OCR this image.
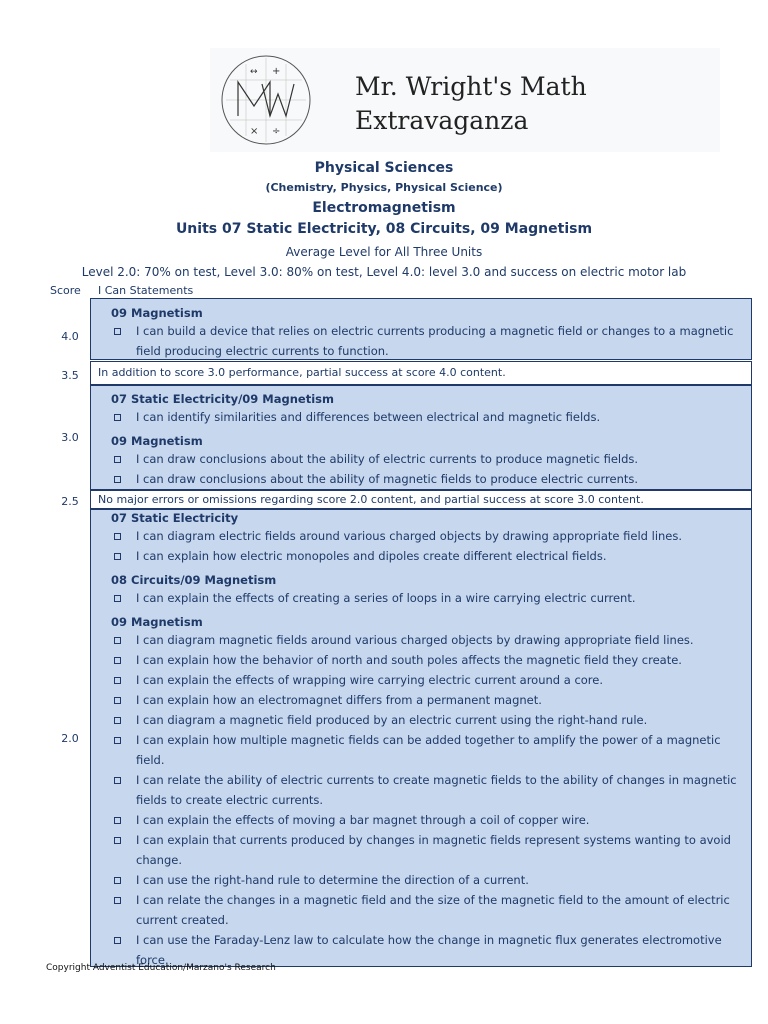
↔ +
× ÷
Mr. Wright's Math
Extravaganza
Physical Sciences
(Chemistry, Physics, Physical Science)
Electromagnetism
Units 07 Static Electricity, 08 Circuits, 09 Magnetism
Average Level for All Three Units
Level 2.0: 70% on test, Level 3.0: 80% on test, Level 4.0: level 3.0 and success on electric motor lab
Score I Can Statements
4.0
09 Magnetism
I can build a device that relies on electric currents producing a magnetic field or changes to a magnetic field producing electric currents to function.
3.5	In addition to score 3.0 performance, partial success at score 4.0 content.
3.0
07 Static Electricity/09 Magnetism
I can identify similarities and differences between electrical and magnetic fields.
09 Magnetism
I can draw conclusions about the ability of electric currents to produce magnetic fields.
I can draw conclusions about the ability of magnetic fields to produce electric currents.
2.5	No major errors or omissions regarding score 2.0 content, and partial success at score 3.0 content.
2.0
07 Static Electricity
I can diagram electric fields around various charged objects by drawing appropriate field lines.
I can explain how electric monopoles and dipoles create different electrical fields.
08 Circuits/09 Magnetism
I can explain the effects of creating a series of loops in a wire carrying electric current.
09 Magnetism
I can diagram magnetic fields around various charged objects by drawing appropriate field lines.
I can explain how the behavior of north and south poles affects the magnetic field they create.
I can explain the effects of wrapping wire carrying electric current around a core.
I can explain how an electromagnet differs from a permanent magnet.
I can diagram a magnetic field produced by an electric current using the right-hand rule.
I can explain how multiple magnetic fields can be added together to amplify the power of a magnetic field.
I can relate the ability of electric currents to create magnetic fields to the ability of changes in magnetic fields to create electric currents.
I can explain the effects of moving a bar magnet through a coil of copper wire.
I can explain that currents produced by changes in magnetic fields represent systems wanting to avoid change.
I can use the right-hand rule to determine the direction of a current.
I can relate the changes in a magnetic field and the size of the magnetic field to the amount of electric current created.
I can use the Faraday-Lenz law to calculate how the change in magnetic flux generates electromotive force.
Copyright Adventist Education/Marzano's Research
